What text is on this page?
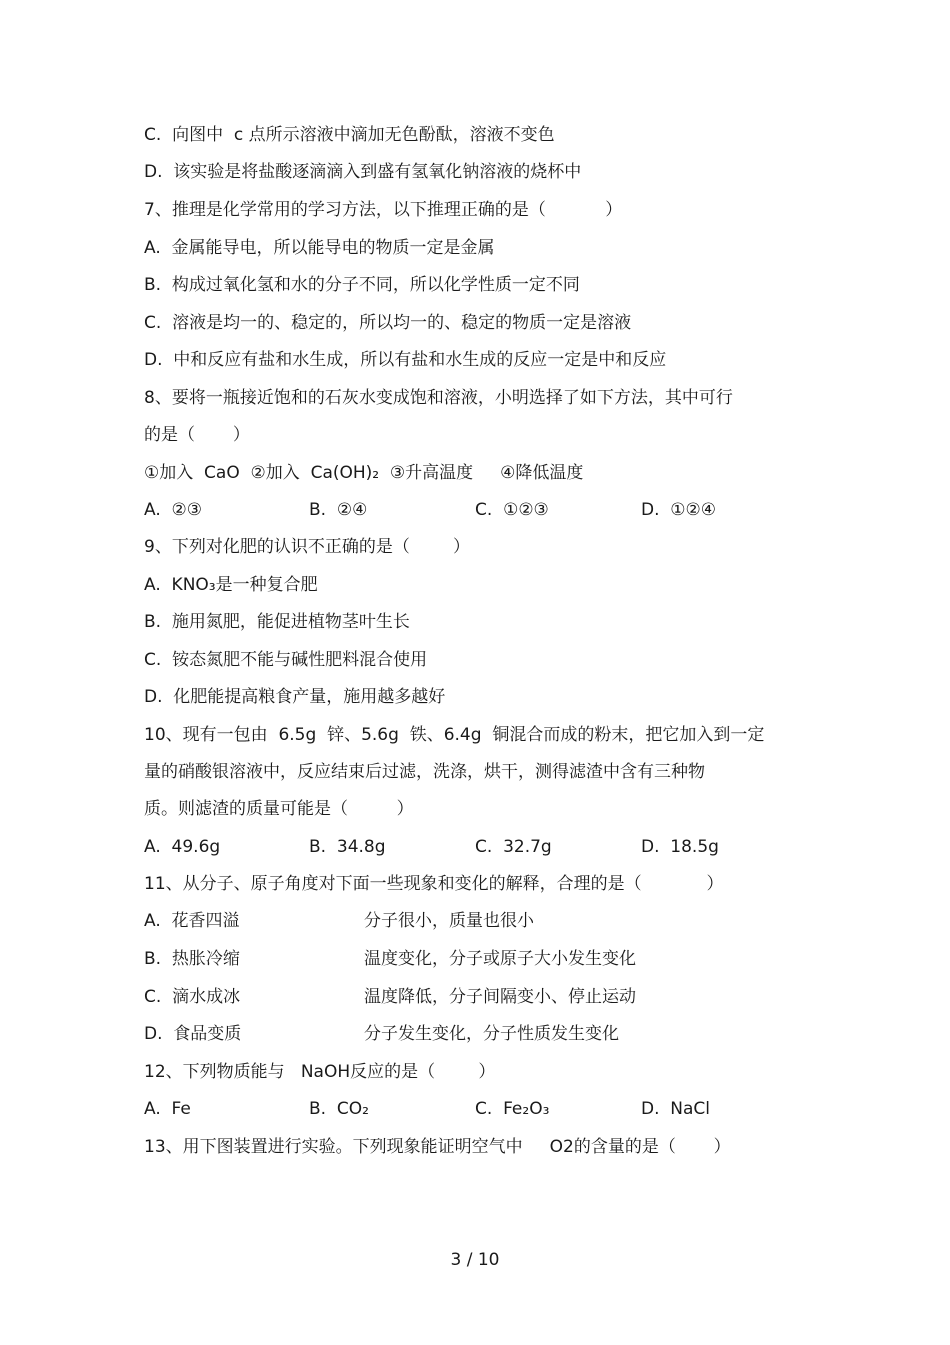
C.  向图中  c 点所示溶液中滴加无色酚酞，溶液不变色

D.  该实验是将盐酸逐滴滴入到盛有氢氧化钠溶液的烧杯中

7、推理是化学常用的学习方法，以下推理正确的是（           ）

A.  金属能导电，所以能导电的物质一定是金属

B.  构成过氧化氢和水的分子不同，所以化学性质一定不同

C.  溶液是均一的、稳定的，所以均一的、稳定的物质一定是溶液

D.  中和反应有盐和水生成，所以有盐和水生成的反应一定是中和反应

8、要将一瓶接近饱和的石灰水变成饱和溶液，小明选择了如下方法，其中可行

的是（       ）

①加入  CaO  ②加入  Ca(OH)₂  ③升高温度     ④降低温度

A.  ②③	B.  ②④	C.  ①②③	D.  ①②④

9、下列对化肥的认识不正确的是（        ）

A.  KNO₃是一种复合肥

B.  施用氮肥，能促进植物茎叶生长

C.  铵态氮肥不能与碱性肥料混合使用

D.  化肥能提高粮食产量，施用越多越好

10、现有一包由  6.5g  锌、5.6g  铁、6.4g  铜混合而成的粉末，把它加入到一定

量的硝酸银溶液中，反应结束后过滤，洗涤，烘干，测得滤渣中含有三种物

质。则滤渣的质量可能是（         ）

A.  49.6g	B.  34.8g	C.  32.7g	D.  18.5g

11、从分子、原子角度对下面一些现象和变化的解释，合理的是（            ）

A.  花香四溢	分子很小，质量也很小
B.  热胀冷缩	温度变化，分子或原子大小发生变化
C.  滴水成冰	温度降低，分子间隔变小、停止运动
D.  食品变质	分子发生变化，分子性质发生变化

12、下列物质能与   NaOH反应的是（        ）

A.  Fe	B.  CO₂	C.  Fe₂O₃	D.  NaCl

13、用下图装置进行实验。下列现象能证明空气中     O2的含量的是（       ）

3 / 10
